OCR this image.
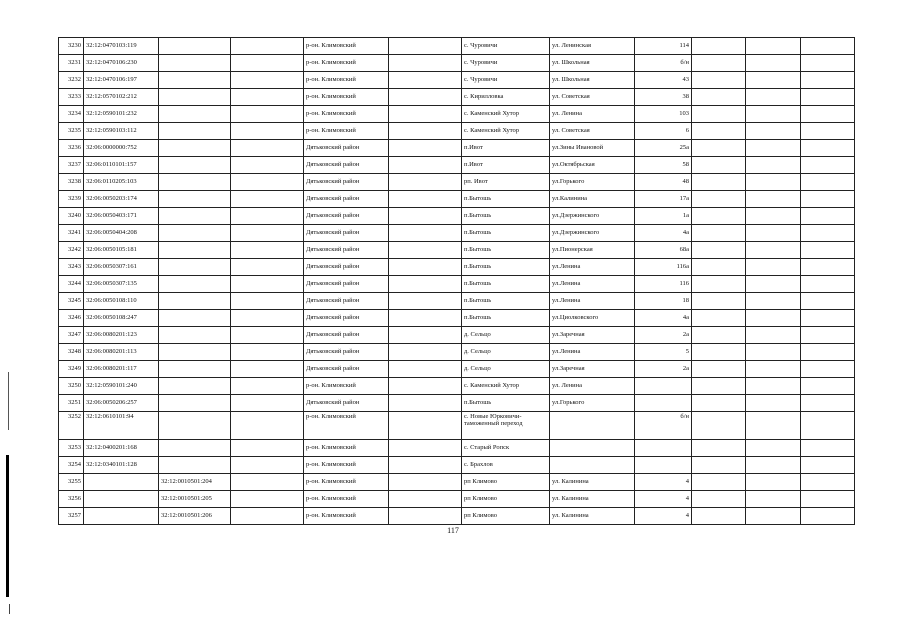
3230	32:12:0470103:119			р-он. Климовский		с. Чуровичи	ул. Ленинская	114			
3231	32:12:0470106:230			р-он. Климовский		с. Чуровичи	ул. Школьная	б/н			
3232	32:12:0470106:197			р-он. Климовский		с. Чуровичи	ул. Школьная	43			
3233	32:12:0570102:212			р-он. Климовский		с. Кирилловка	ул. Советская	38			
3234	32:12:0590101:232			р-он. Климовский		с. Каменский Хутор	ул. Ленина	103			
3235	32:12:0590103:112			р-он. Климовский		с. Каменский Хутор	ул. Советская	6			
3236	32:06:0000000:752			Дятьковский район		п.Ивот	ул.Зины Ивановой	25а			
3237	32:06:0110101:157			Дятьковский район		п.Ивот	ул.Октябрьская	58			
3238	32:06:0110205:103			Дятьковский район		рп. Ивот	ул.Горького	48			
3239	32:06:0050203:174			Дятьковский район		п.Бытошь	ул.Калинина	17а			
3240	32:06:0050403:171			Дятьковский район		п.Бытошь	ул.Дзержинского	1а			
3241	32:06:0050404:208			Дятьковский район		п.Бытошь	ул.Дзержинского	4а			
3242	32:06:0050105:181			Дятьковский район		п.Бытошь	ул.Пионерская	68а			
3243	32:06:0050307:161			Дятьковский район		п.Бытошь	ул.Ленина	116а			
3244	32:06:0050307:135			Дятьковский район		п.Бытошь	ул.Ленина	116			
3245	32:06:0050108:110			Дятьковский район		п.Бытошь	ул.Ленина	18			
3246	32:06:0050108:247			Дятьковский район		п.Бытошь	ул.Циолковского	4а			
3247	32:06:0080201:123			Дятьковский район		д. Сельцо	ул.Заречная	2а			
3248	32:06:0080201:113			Дятьковский район		д. Сельцо	ул.Ленина	5			
3249	32:06:0080201:117			Дятьковский район		д. Сельцо	ул.Заречная	2а			
3250	32:12:0590101:240			р-он. Климовский		с. Каменский Хутор	ул. Ленина				
3251	32:06:0050206:257			Дятьковский район		п.Бытошь	ул.Горького				
3252	32:12:0610101:94			р-он. Климовский		с. Новые Юрковичи-таможенный переход		б/н			
3253	32:12:0400201:168			р-он. Климовский		с. Старый Ропск					
3254	32:12:0340101:128			р-он. Климовский		с. Брахлов					
3255		32:12:0010501:204		р-он. Климовский		рп Климово	ул. Калинина	4			
3256		32:12:0010501:205		р-он. Климовский		рп Климово	ул. Калинина	4			
3257		32:12:0010501:206		р-он. Климовский		рп Климово	ул. Калинина	4			
117
